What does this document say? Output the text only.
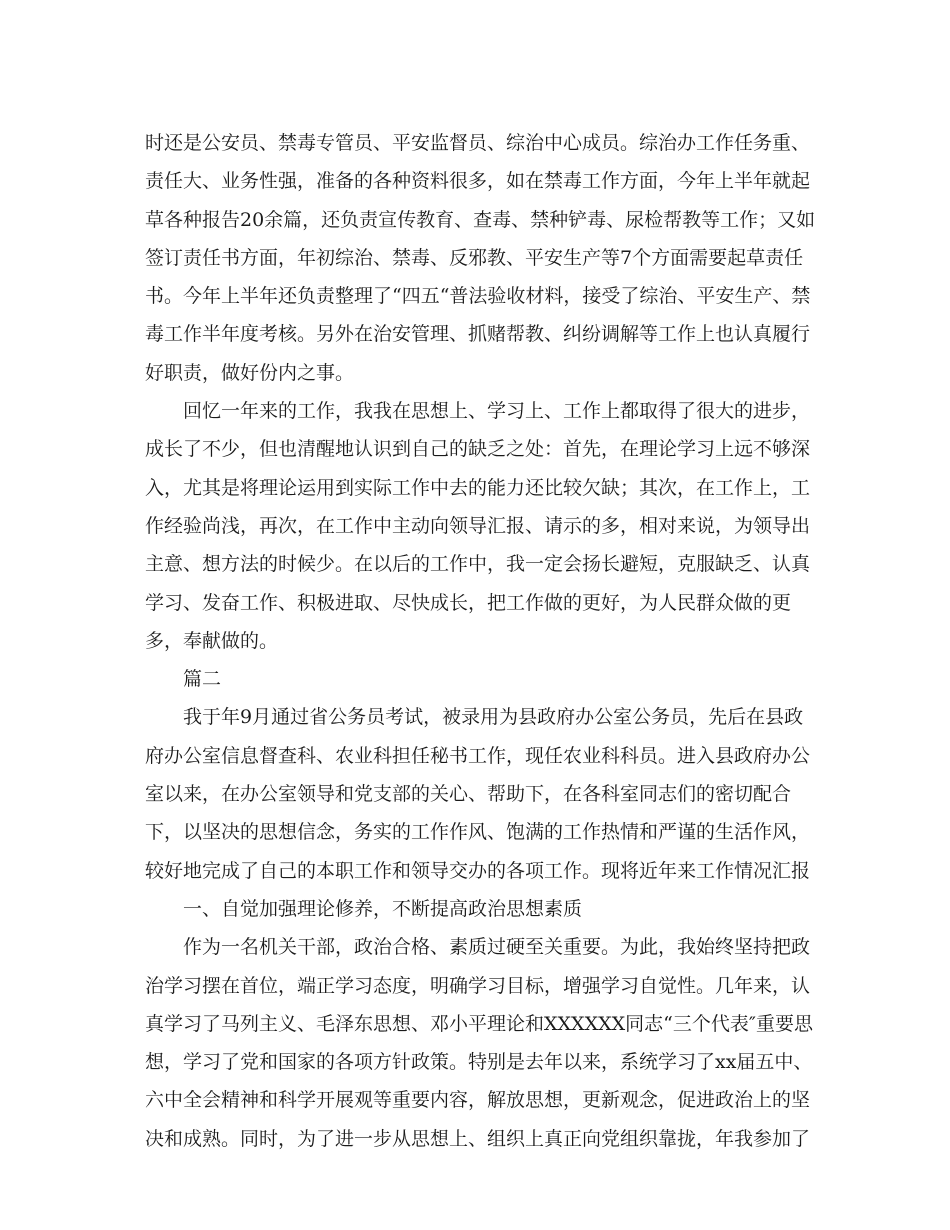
时还是公安员、禁毒专管员、平安监督员、综治中心成员。综治办工作任务重、
责任大、业务性强，准备的各种资料很多，如在禁毒工作方面，今年上半年就起
草各种报告20余篇，还负责宣传教育、查毒、禁种铲毒、尿检帮教等工作；又如
签订责任书方面，年初综治、禁毒、反邪教、平安生产等7个方面需要起草责任
书。今年上半年还负责整理了“四五“普法验收材料，接受了综治、平安生产、禁
毒工作半年度考核。另外在治安管理、抓赌帮教、纠纷调解等工作上也认真履行
好职责，做好份内之事。
回忆一年来的工作，我我在思想上、学习上、工作上都取得了很大的进步，
成长了不少，但也清醒地认识到自己的缺乏之处：首先，在理论学习上远不够深
入，尤其是将理论运用到实际工作中去的能力还比较欠缺；其次，在工作上，工
作经验尚浅，再次，在工作中主动向领导汇报、请示的多，相对来说，为领导出
主意、想方法的时候少。在以后的工作中，我一定会扬长避短，克服缺乏、认真
学习、发奋工作、积极进取、尽快成长，把工作做的更好，为人民群众做的更
多，奉献做的。
篇二
我于年9月通过省公务员考试，被录用为县政府办公室公务员，先后在县政
府办公室信息督查科、农业科担任秘书工作，现任农业科科员。进入县政府办公
室以来，在办公室领导和党支部的关心、帮助下，在各科室同志们的密切配合
下，以坚决的思想信念，务实的工作作风、饱满的工作热情和严谨的生活作风，
较好地完成了自己的本职工作和领导交办的各项工作。现将近年来工作情况汇报
一、自觉加强理论修养，不断提高政治思想素质
作为一名机关干部，政治合格、素质过硬至关重要。为此，我始终坚持把政
治学习摆在首位，端正学习态度，明确学习目标，增强学习自觉性。几年来，认
真学习了马列主义、毛泽东思想、邓小平理论和XXXXXX同志“三个代表″重要思
想，学习了党和国家的各项方针政策。特别是去年以来，系统学习了xx届五中、
六中全会精神和科学开展观等重要内容，解放思想，更新观念，促进政治上的坚
决和成熟。同时，为了进一步从思想上、组织上真正向党组织靠拢，年我参加了
